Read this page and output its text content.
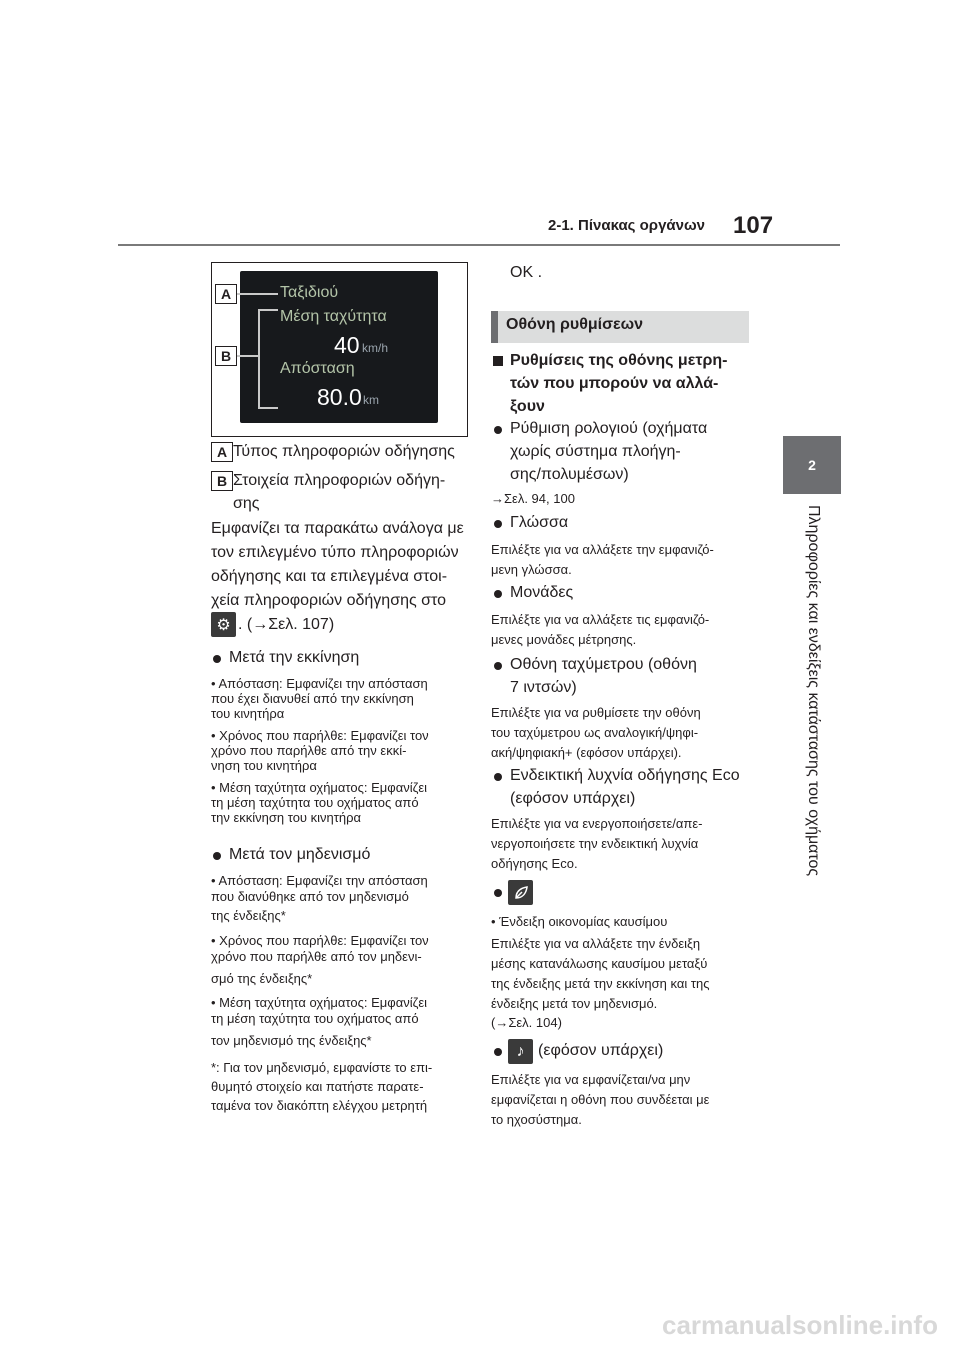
2-1. Πίνακας οργάνων 107
2
Πληροφορίες και ενδείξεις κατάστασης του οχήματος
Ταξιδιού
Μέση ταχύτητα
40 km/h
Απόσταση
80.0 km
A
B
A Τύπος πληροφοριών οδήγησης
B Στοιχεία πληροφοριών οδήγη-
σης
Εμφανίζει τα παρακάτω ανάλογα με
τον επιλεγμένο τύπο πληροφοριών
οδήγησης και τα επιλεγμένα στοι-
χεία πληροφοριών οδήγησης στο
⚙ . (→Σελ. 107)
Μετά την εκκίνηση
• Απόσταση: Εμφανίζει την απόσταση
που έχει διανυθεί από την εκκίνηση
του κινητήρα
• Χρόνος που παρήλθε: Εμφανίζει τον
χρόνο που παρήλθε από την εκκί-
νηση του κινητήρα
• Μέση ταχύτητα οχήματος: Εμφανίζει
τη μέση ταχύτητα του οχήματος από
την εκκίνηση του κινητήρα
Μετά τον μηδενισμό
• Απόσταση: Εμφανίζει την απόσταση
που διανύθηκε από τον μηδενισμό
της ένδειξης*
• Χρόνος που παρήλθε: Εμφανίζει τον
χρόνο που παρήλθε από τον μηδενι-
σμό της ένδειξης*
• Μέση ταχύτητα οχήματος: Εμφανίζει
τη μέση ταχύτητα του οχήματος από
τον μηδενισμό της ένδειξης*
*: Για τον μηδενισμό, εμφανίστε το επι-
θυμητό στοιχείο και πατήστε παρατε-
ταμένα τον διακόπτη ελέγχου μετρητή
OK .
Οθόνη ρυθμίσεων
Ρυθμίσεις της οθόνης μετρη-
τών που μπορούν να αλλά-
ξουν
Ρύθμιση ρολογιού (οχήματα
χωρίς σύστημα πλοήγη-
σης/πολυμέσων)
→Σελ. 94, 100
Γλώσσα
Επιλέξτε για να αλλάξετε την εμφανιζό-
μενη γλώσσα.
Μονάδες
Επιλέξτε για να αλλάξετε τις εμφανιζό-
μενες μονάδες μέτρησης.
Οθόνη ταχύμετρου (οθόνη
7 ιντσών)
Επιλέξτε για να ρυθμίσετε την οθόνη
του ταχύμετρου ως αναλογική/ψηφι-
ακή/ψηφιακή+ (εφόσον υπάρχει).
Ενδεικτική λυχνία οδήγησης Eco
(εφόσον υπάρχει)
Επιλέξτε για να ενεργοποιήσετε/απε-
νεργοποιήσετε την ενδεικτική λυχνία
οδήγησης Eco.
• Ένδειξη οικονομίας καυσίμου
Επιλέξτε για να αλλάξετε την ένδειξη
μέσης κατανάλωσης καυσίμου μεταξύ
της ένδειξης μετά την εκκίνηση και της
ένδειξης μετά τον μηδενισμό.
(→Σελ. 104)
♪ (εφόσον υπάρχει)
Επιλέξτε για να εμφανίζεται/να μην
εμφανίζεται η οθόνη που συνδέεται με
το ηχοσύστημα.
carmanualsonline.info
